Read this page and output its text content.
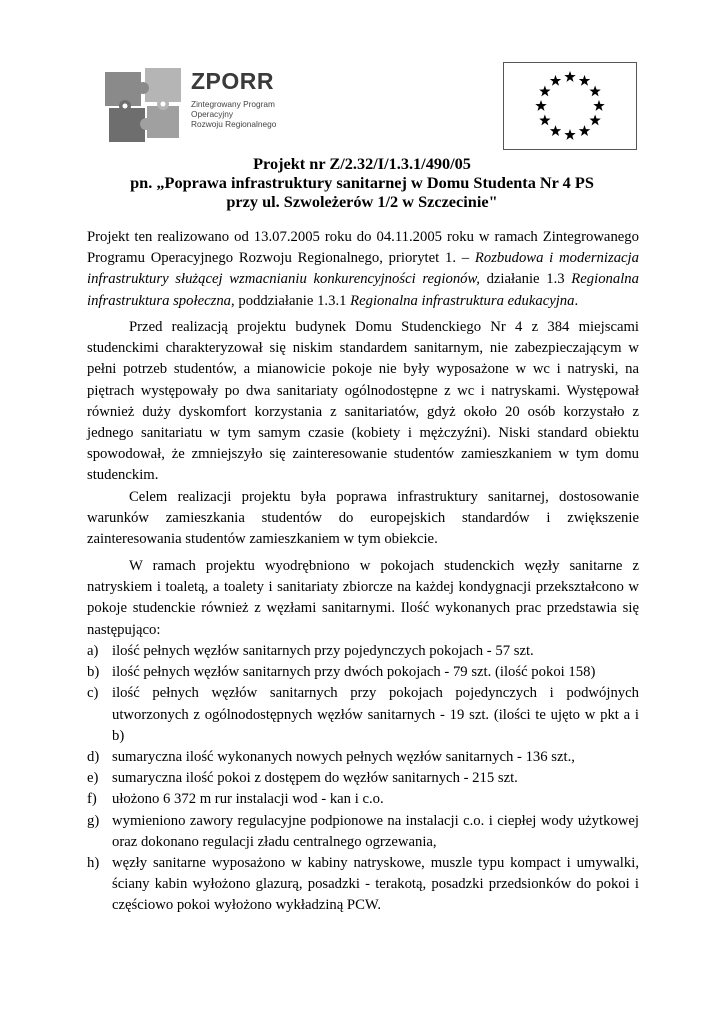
ZPORR
Zintegrowany Program
Operacyjny
Rozwoju Regionalnego
Projekt nr Z/2.32/I/1.3.1/490/05
pn. „Poprawa infrastruktury sanitarnej w Domu Studenta Nr 4 PS
przy ul. Szwoleżerów 1/2 w Szczecinie"

Projekt ten realizowano od 13.07.2005 roku do 04.11.2005 roku w ramach Zintegrowanego Programu Operacyjnego Rozwoju Regionalnego, priorytet 1. – Rozbudowa i modernizacja infrastruktury służącej wzmacnianiu konkurencyjności regionów, działanie 1.3 Regionalna infrastruktura społeczna, poddziałanie 1.3.1 Regionalna infrastruktura edukacyjna.

Przed realizacją projektu budynek Domu Studenckiego Nr 4 z 384 miejscami studenckimi charakteryzował się niskim standardem sanitarnym, nie zabezpieczającym w pełni potrzeb studentów, a mianowicie pokoje nie były wyposażone w wc i natryski, na piętrach występowały po dwa sanitariaty ogólnodostępne z wc i natryskami. Występował również duży dyskomfort korzystania z sanitariatów, gdyż około 20 osób korzystało z jednego sanitariatu w tym samym czasie (kobiety i mężczyźni). Niski standard obiektu spowodował, że zmniejszyło się zainteresowanie studentów zamieszkaniem w tym domu studenckim.

Celem realizacji projektu była poprawa infrastruktury sanitarnej, dostosowanie warunków zamieszkania studentów do europejskich standardów i zwiększenie zainteresowania studentów zamieszkaniem w tym obiekcie.

W ramach projektu wyodrębniono w pokojach studenckich węzły sanitarne z natryskiem i toaletą, a toalety i sanitariaty zbiorcze na każdej kondygnacji przekształcono w pokoje studenckie również z węzłami sanitarnymi. Ilość wykonanych prac przedstawia się następująco:

a) ilość pełnych węzłów sanitarnych przy pojedynczych pokojach - 57 szt.
b) ilość pełnych węzłów sanitarnych przy dwóch pokojach - 79 szt. (ilość pokoi 158)
c) ilość pełnych węzłów sanitarnych przy pokojach pojedynczych i podwójnych utworzonych z ogólnodostępnych węzłów sanitarnych - 19 szt. (ilości te ujęto w pkt a i b)
d) sumaryczna ilość wykonanych nowych pełnych węzłów sanitarnych - 136 szt.,
e) sumaryczna ilość pokoi z dostępem do węzłów sanitarnych - 215 szt.
f) ułożono 6 372 m rur instalacji wod - kan i c.o.
g) wymieniono zawory regulacyjne podpionowe na instalacji c.o. i ciepłej wody użytkowej oraz dokonano regulacji zładu centralnego ogrzewania,
h) węzły sanitarne wyposażono w kabiny natryskowe, muszle typu kompact i umywalki, ściany kabin wyłożono glazurą, posadzki - terakotą, posadzki przedsionków do pokoi i częściowo pokoi wyłożono wykładziną PCW.
